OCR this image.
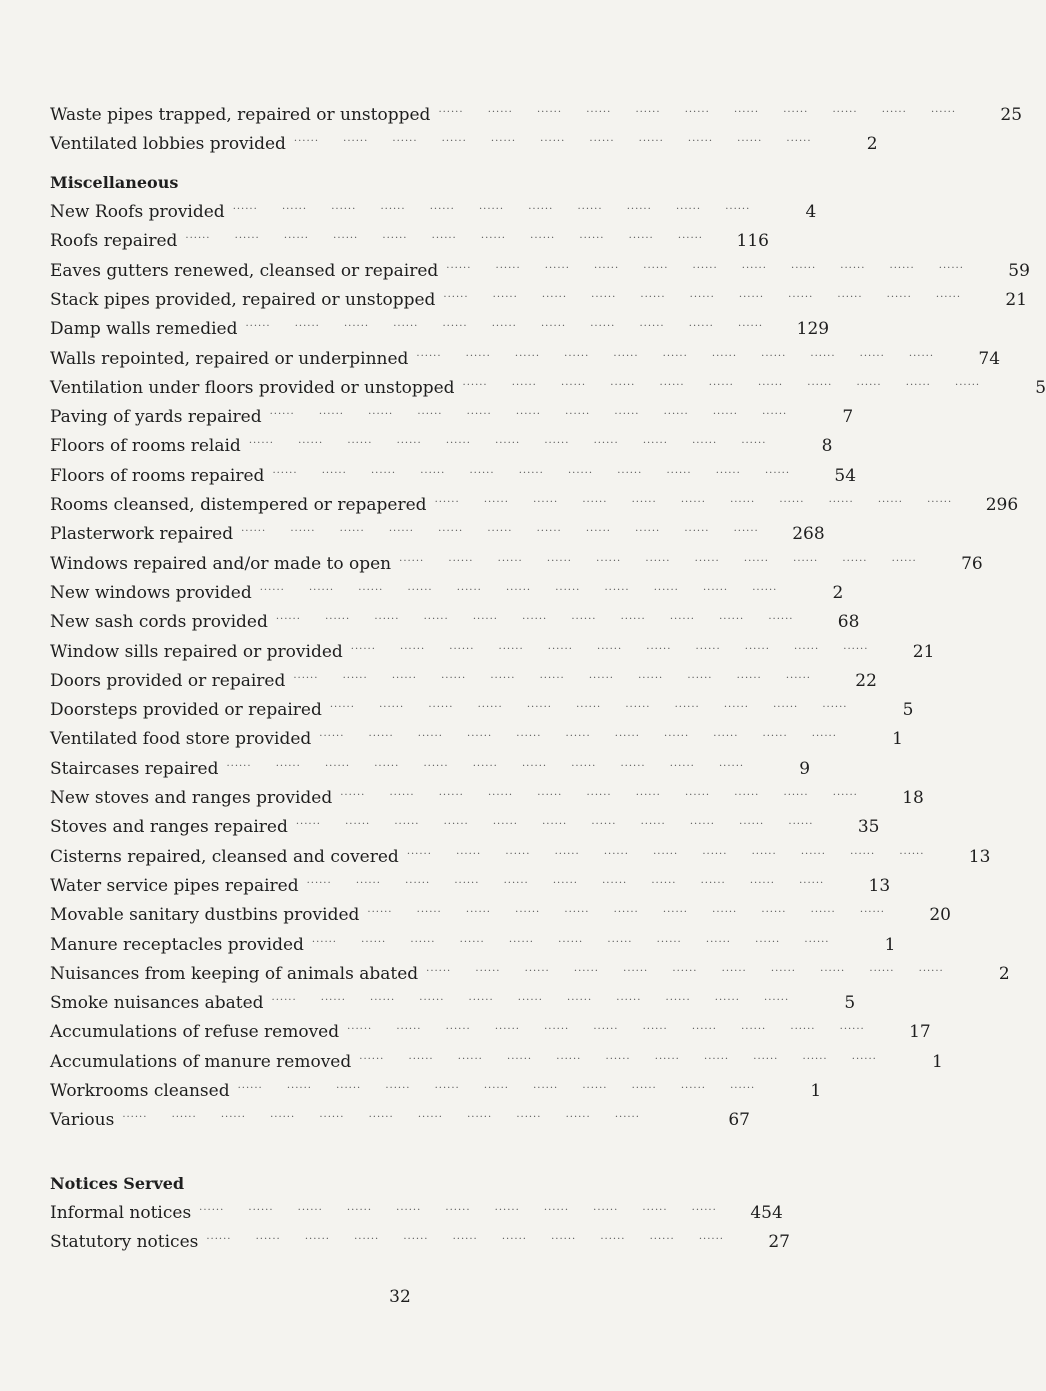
Waste pipes trapped, repaired or unstopped ...... ...... ...... ...... ...... ...... ...... ...... ...... ...... ......	25
Ventilated lobbies provided ...... ...... ...... ...... ...... ...... ...... ...... ...... ...... ......	2
Miscellaneous
New Roofs provided ...... ...... ...... ...... ...... ...... ...... ...... ...... ...... ......	4
Roofs repaired ...... ...... ...... ...... ...... ...... ...... ...... ...... ...... ......	116
Eaves gutters renewed, cleansed or repaired ...... ...... ...... ...... ...... ...... ...... ...... ...... ...... ......	59
Stack pipes provided, repaired or unstopped ...... ...... ...... ...... ...... ...... ...... ...... ...... ...... ......	21
Damp walls remedied ...... ...... ...... ...... ...... ...... ...... ...... ...... ...... ......	129
Walls repointed, repaired or underpinned ...... ...... ...... ...... ...... ...... ...... ...... ...... ...... ......	74
Ventilation under floors provided or unstopped ...... ...... ...... ...... ...... ...... ...... ...... ...... ...... ......	5
Paving of yards repaired ...... ...... ...... ...... ...... ...... ...... ...... ...... ...... ......	7
Floors of rooms relaid ...... ...... ...... ...... ...... ...... ...... ...... ...... ...... ......	8
Floors of rooms repaired ...... ...... ...... ...... ...... ...... ...... ...... ...... ...... ......	54
Rooms cleansed, distempered or repapered ...... ...... ...... ...... ...... ...... ...... ...... ...... ...... ......	296
Plasterwork repaired ...... ...... ...... ...... ...... ...... ...... ...... ...... ...... ......	268
Windows repaired and/or made to open ...... ...... ...... ...... ...... ...... ...... ...... ...... ...... ......	76
New windows provided ...... ...... ...... ...... ...... ...... ...... ...... ...... ...... ......	2
New sash cords provided ...... ...... ...... ...... ...... ...... ...... ...... ...... ...... ......	68
Window sills repaired or provided ...... ...... ...... ...... ...... ...... ...... ...... ...... ...... ......	21
Doors provided or repaired ...... ...... ...... ...... ...... ...... ...... ...... ...... ...... ......	22
Doorsteps provided or repaired ...... ...... ...... ...... ...... ...... ...... ...... ...... ...... ......	5
Ventilated food store provided ...... ...... ...... ...... ...... ...... ...... ...... ...... ...... ......	1
Staircases repaired ...... ...... ...... ...... ...... ...... ...... ...... ...... ...... ......	9
New stoves and ranges provided ...... ...... ...... ...... ...... ...... ...... ...... ...... ...... ......	18
Stoves and ranges repaired ...... ...... ...... ...... ...... ...... ...... ...... ...... ...... ......	35
Cisterns repaired, cleansed and covered ...... ...... ...... ...... ...... ...... ...... ...... ...... ...... ......	13
Water service pipes repaired ...... ...... ...... ...... ...... ...... ...... ...... ...... ...... ......	13
Movable sanitary dustbins provided ...... ...... ...... ...... ...... ...... ...... ...... ...... ...... ......	20
Manure receptacles provided ...... ...... ...... ...... ...... ...... ...... ...... ...... ...... ......	1
Nuisances from keeping of animals abated ...... ...... ...... ...... ...... ...... ...... ...... ...... ...... ......	2
Smoke nuisances abated ...... ...... ...... ...... ...... ...... ...... ...... ...... ...... ......	5
Accumulations of refuse removed ...... ...... ...... ...... ...... ...... ...... ...... ...... ...... ......	17
Accumulations of manure removed ...... ...... ...... ...... ...... ...... ...... ...... ...... ...... ......	1
Workrooms cleansed ...... ...... ...... ...... ...... ...... ...... ...... ...... ...... ......	1
Various ...... ...... ...... ...... ...... ...... ...... ...... ...... ...... ......	67
Notices Served
Informal notices ...... ...... ...... ...... ...... ...... ...... ...... ...... ...... ......	454
Statutory notices ...... ...... ...... ...... ...... ...... ...... ...... ...... ...... ......	27
32
